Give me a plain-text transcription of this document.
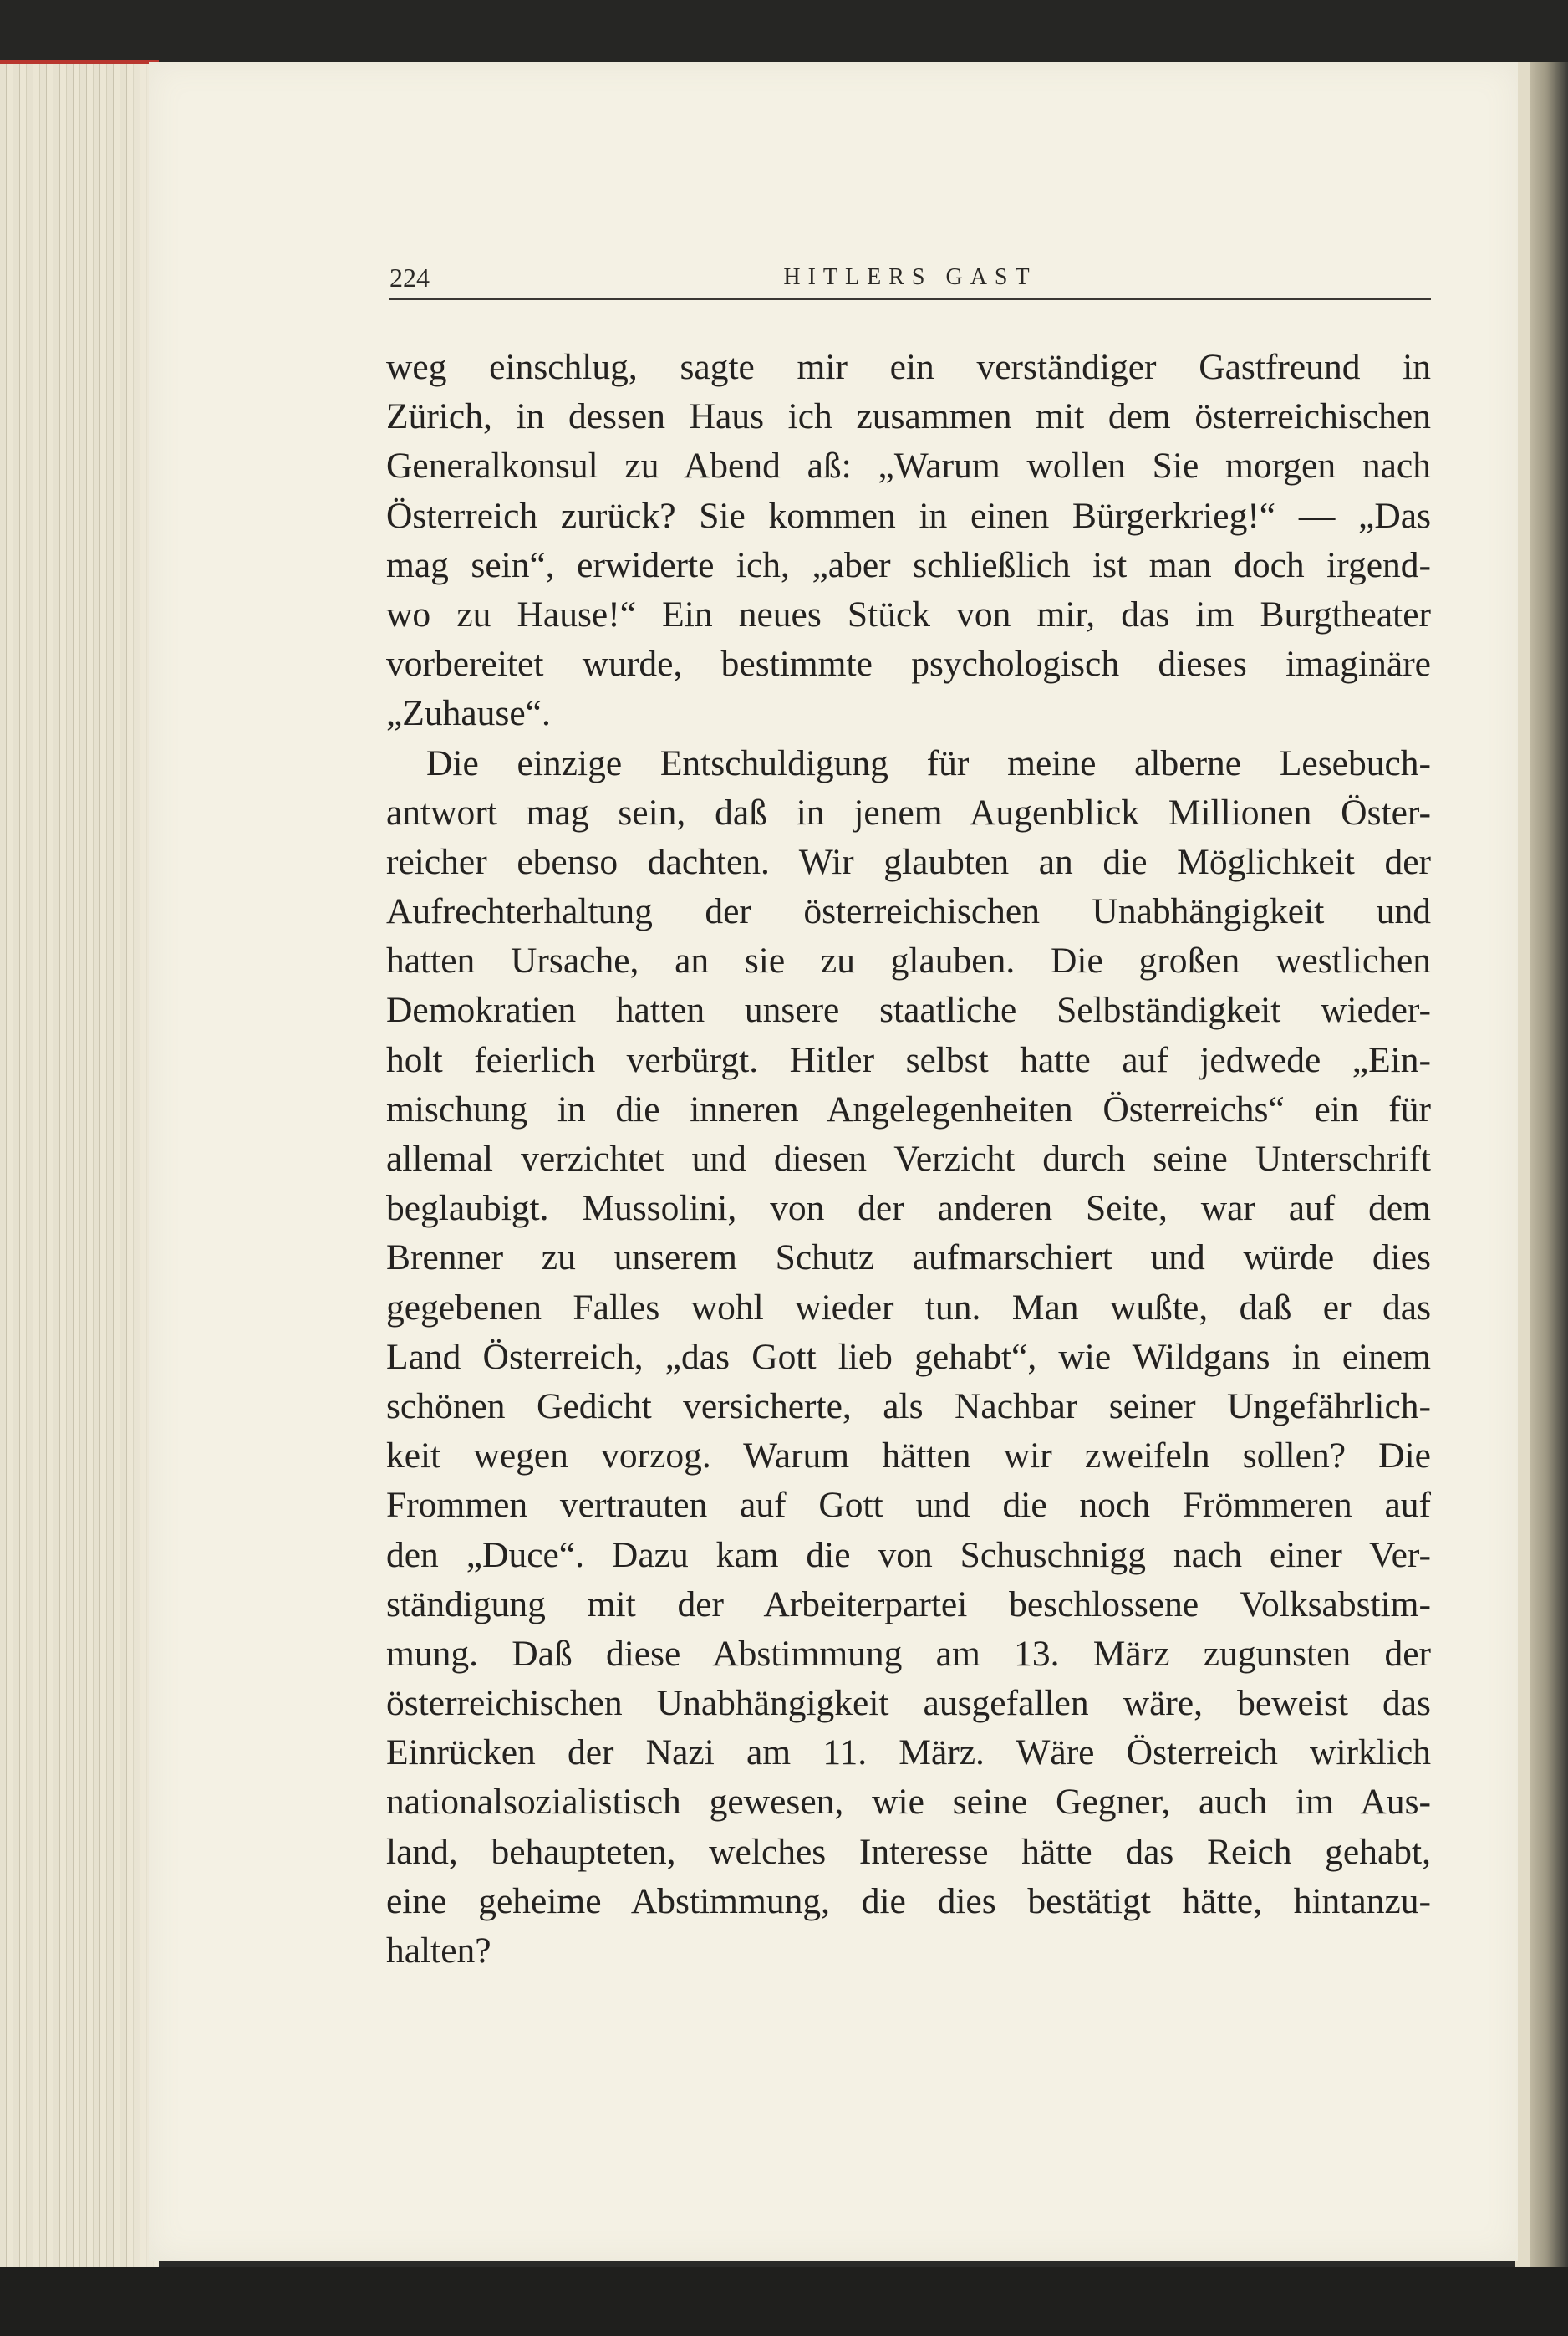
224	HITLERS GAST
weg einschlug, sagte mir ein verständiger Gastfreund in
Zürich, in dessen Haus ich zusammen mit dem österreichischen
Generalkonsul zu Abend aß: „Warum wollen Sie morgen nach
Österreich zurück? Sie kommen in einen Bürgerkrieg!“ — „Das
mag sein“, erwiderte ich, „aber schließlich ist man doch irgend-
wo zu Hause!“ Ein neues Stück von mir, das im Burgtheater
vorbereitet wurde, bestimmte psychologisch dieses imaginäre
„Zuhause“.
Die einzige Entschuldigung für meine alberne Lesebuch-
antwort mag sein, daß in jenem Augenblick Millionen Öster-
reicher ebenso dachten. Wir glaubten an die Möglichkeit der
Aufrechterhaltung der österreichischen Unabhängigkeit und
hatten Ursache, an sie zu glauben. Die großen westlichen
Demokratien hatten unsere staatliche Selbständigkeit wieder-
holt feierlich verbürgt. Hitler selbst hatte auf jedwede „Ein-
mischung in die inneren Angelegenheiten Österreichs“ ein für
allemal verzichtet und diesen Verzicht durch seine Unterschrift
beglaubigt. Mussolini, von der anderen Seite, war auf dem
Brenner zu unserem Schutz aufmarschiert und würde dies
gegebenen Falles wohl wieder tun. Man wußte, daß er das
Land Österreich, „das Gott lieb gehabt“, wie Wildgans in einem
schönen Gedicht versicherte, als Nachbar seiner Ungefährlich-
keit wegen vorzog. Warum hätten wir zweifeln sollen? Die
Frommen vertrauten auf Gott und die noch Frömmeren auf
den „Duce“. Dazu kam die von Schuschnigg nach einer Ver-
ständigung mit der Arbeiterpartei beschlossene Volksabstim-
mung. Daß diese Abstimmung am 13. März zugunsten der
österreichischen Unabhängigkeit ausgefallen wäre, beweist das
Einrücken der Nazi am 11. März. Wäre Österreich wirklich
nationalsozialistisch gewesen, wie seine Gegner, auch im Aus-
land, behaupteten, welches Interesse hätte das Reich gehabt,
eine geheime Abstimmung, die dies bestätigt hätte, hintanzu-
halten?
